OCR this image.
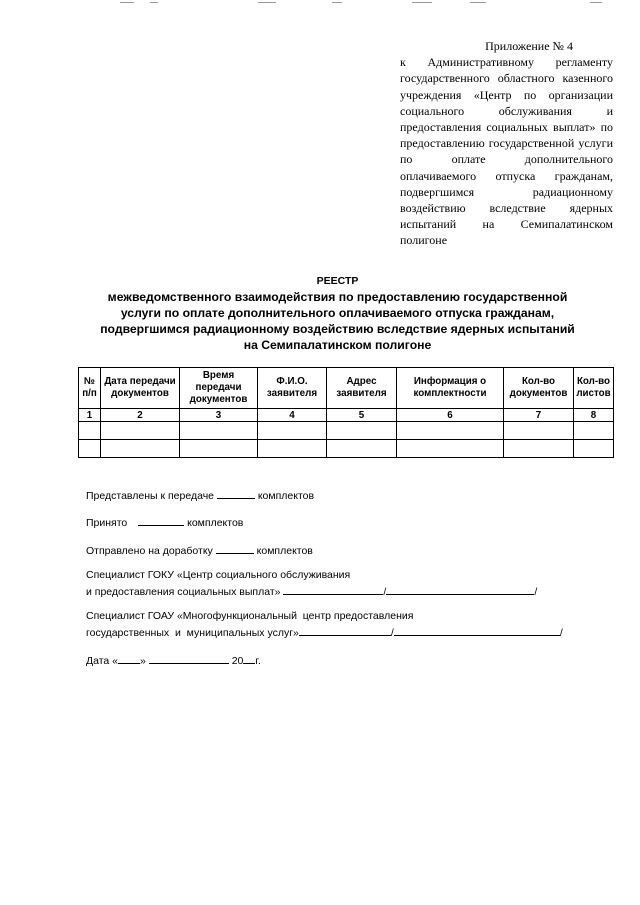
Приложение № 4
к Административному регламенту государственного областного казенного учреждения «Центр по организации социального обслуживания и предоставления социальных выплат» по предоставлению государственной услуги по оплате дополнительного оплачиваемого отпуска гражданам, подвергшимся радиационному воздействию вследствие ядерных испытаний на Семипалатинском полигоне
РЕЕСТР
межведомственного взаимодействия по предоставлению государственной
услуги по оплате дополнительного оплачиваемого отпуска гражданам,
подвергшимся радиационному воздействию вследствие ядерных испытаний
на Семипалатинском полигоне
№ п/п	Дата передачи документов	Время передачи документов	Ф.И.О. заявителя	Адрес заявителя	Информация о комплектности	Кол-во документов	Кол-во листов
1	2	3	4	5	6	7	8

Представлены к передаче	комплектов
Принято	комплектов
Отправлено на доработку	комплектов
Специалист ГОКУ «Центр социального обслуживания
и предоставления социальных выплат»	/	/
Специалист ГОАУ «Многофункциональный  центр предоставления
государственных  и  муниципальных услуг»	/	/
Дата « »	20 г.
